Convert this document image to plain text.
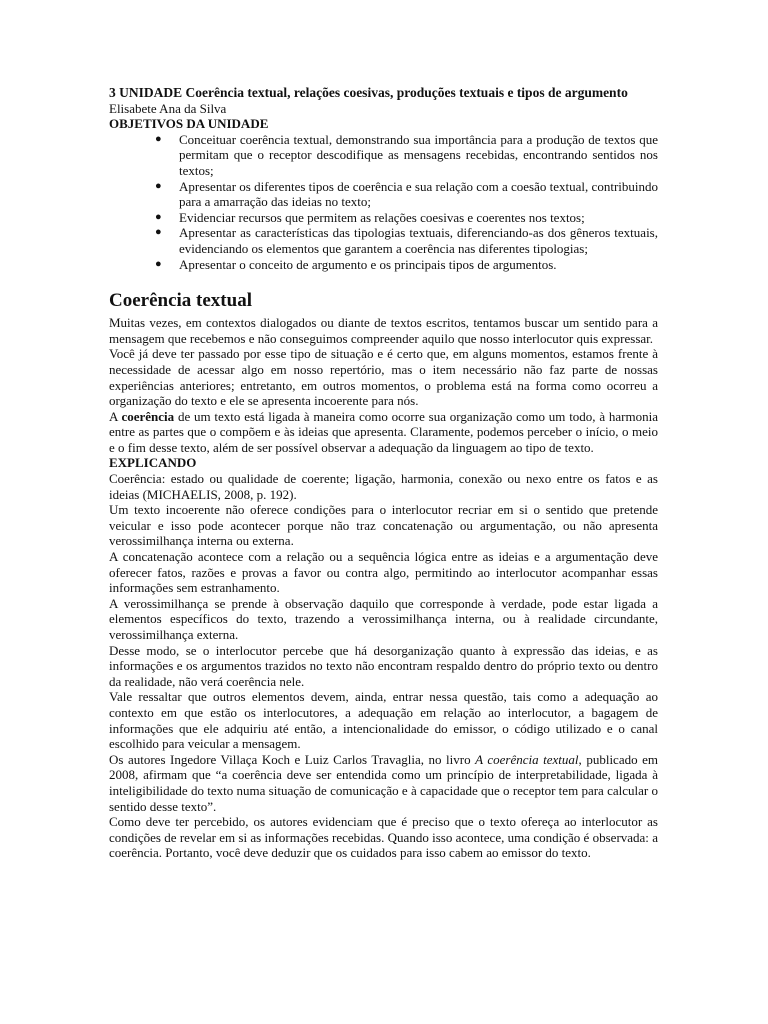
3 UNIDADE Coerência textual, relações coesivas, produções textuais e tipos de argumento

Elisabete Ana da Silva

OBJETIVOS DA UNIDADE

● Conceituar coerência textual, demonstrando sua importância para a produção de textos que permitam que o receptor descodifique as mensagens recebidas, encontrando sentidos nos textos;
● Apresentar os diferentes tipos de coerência e sua relação com a coesão textual, contribuindo para a amarração das ideias no texto;
● Evidenciar recursos que permitem as relações coesivas e coerentes nos textos;
● Apresentar as características das tipologias textuais, diferenciando-as dos gêneros textuais, evidenciando os elementos que garantem a coerência nas diferentes tipologias;
● Apresentar o conceito de argumento e os principais tipos de argumentos.
Coerência textual

Muitas vezes, em contextos dialogados ou diante de textos escritos, tentamos buscar um sentido para a mensagem que recebemos e não conseguimos compreender aquilo que nosso interlocutor quis expressar.

Você já deve ter passado por esse tipo de situação e é certo que, em alguns momentos, estamos frente à necessidade de acessar algo em nosso repertório, mas o item necessário não faz parte de nossas experiências anteriores; entretanto, em outros momentos, o problema está na forma como ocorreu a organização do texto e ele se apresenta incoerente para nós.

A coerência de um texto está ligada à maneira como ocorre sua organização como um todo, à harmonia entre as partes que o compõem e às ideias que apresenta. Claramente, podemos perceber o início, o meio e o fim desse texto, além de ser possível observar a adequação da linguagem ao tipo de texto.

EXPLICANDO

Coerência: estado ou qualidade de coerente; ligação, harmonia, conexão ou nexo entre os fatos e as ideias (MICHAELIS, 2008, p. 192).

Um texto incoerente não oferece condições para o interlocutor recriar em si o sentido que pretende veicular e isso pode acontecer porque não traz concatenação ou argumentação, ou não apresenta verossimilhança interna ou externa.

A concatenação acontece com a relação ou a sequência lógica entre as ideias e a argumentação deve oferecer fatos, razões e provas a favor ou contra algo, permitindo ao interlocutor acompanhar essas informações sem estranhamento.

A verossimilhança se prende à observação daquilo que corresponde à verdade, pode estar ligada a elementos específicos do texto, trazendo a verossimilhança interna, ou à realidade circundante, verossimilhança externa.

Desse modo, se o interlocutor percebe que há desorganização quanto à expressão das ideias, e as informações e os argumentos trazidos no texto não encontram respaldo dentro do próprio texto ou dentro da realidade, não verá coerência nele.

Vale ressaltar que outros elementos devem, ainda, entrar nessa questão, tais como a adequação ao contexto em que estão os interlocutores, a adequação em relação ao interlocutor, a bagagem de informações que ele adquiriu até então, a intencionalidade do emissor, o código utilizado e o canal escolhido para veicular a mensagem.

Os autores Ingedore Villaça Koch e Luiz Carlos Travaglia, no livro A coerência textual, publicado em 2008, afirmam que “a coerência deve ser entendida como um princípio de interpretabilidade, ligada à inteligibilidade do texto numa situação de comunicação e à capacidade que o receptor tem para calcular o sentido desse texto”.

Como deve ter percebido, os autores evidenciam que é preciso que o texto ofereça ao interlocutor as condições de revelar em si as informações recebidas. Quando isso acontece, uma condição é observada: a coerência. Portanto, você deve deduzir que os cuidados para isso cabem ao emissor do texto.
